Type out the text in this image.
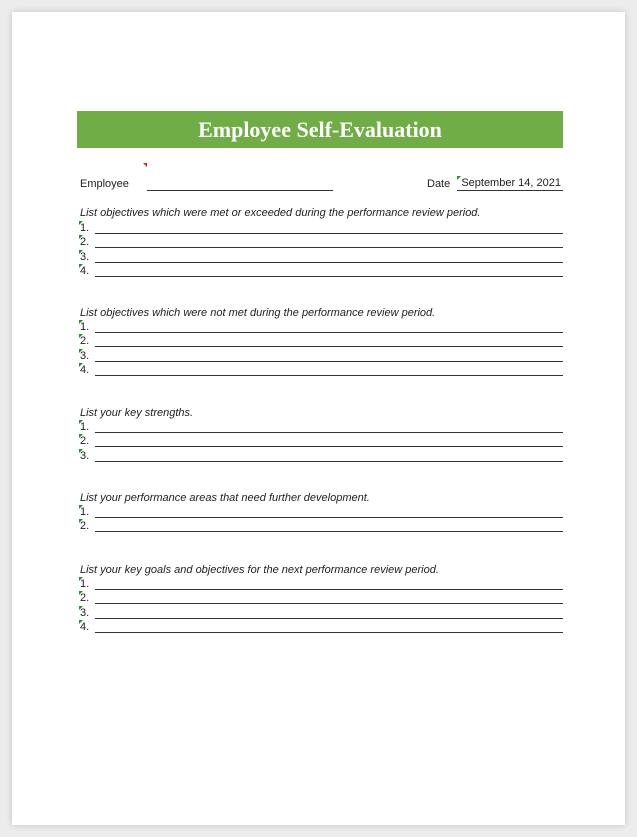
Employee Self-Evaluation
Employee	Date September 14, 2021
List objectives which were met or exceeded during the performance review period.
1.
2.
3.
4.
List objectives which were not met during the performance review period.
1.
2.
3.
4.
List your key strengths.
1.
2.
3.
List your performance areas that need further development.
1.
2.
List your key goals and objectives for the next performance review period.
1.
2.
3.
4.
